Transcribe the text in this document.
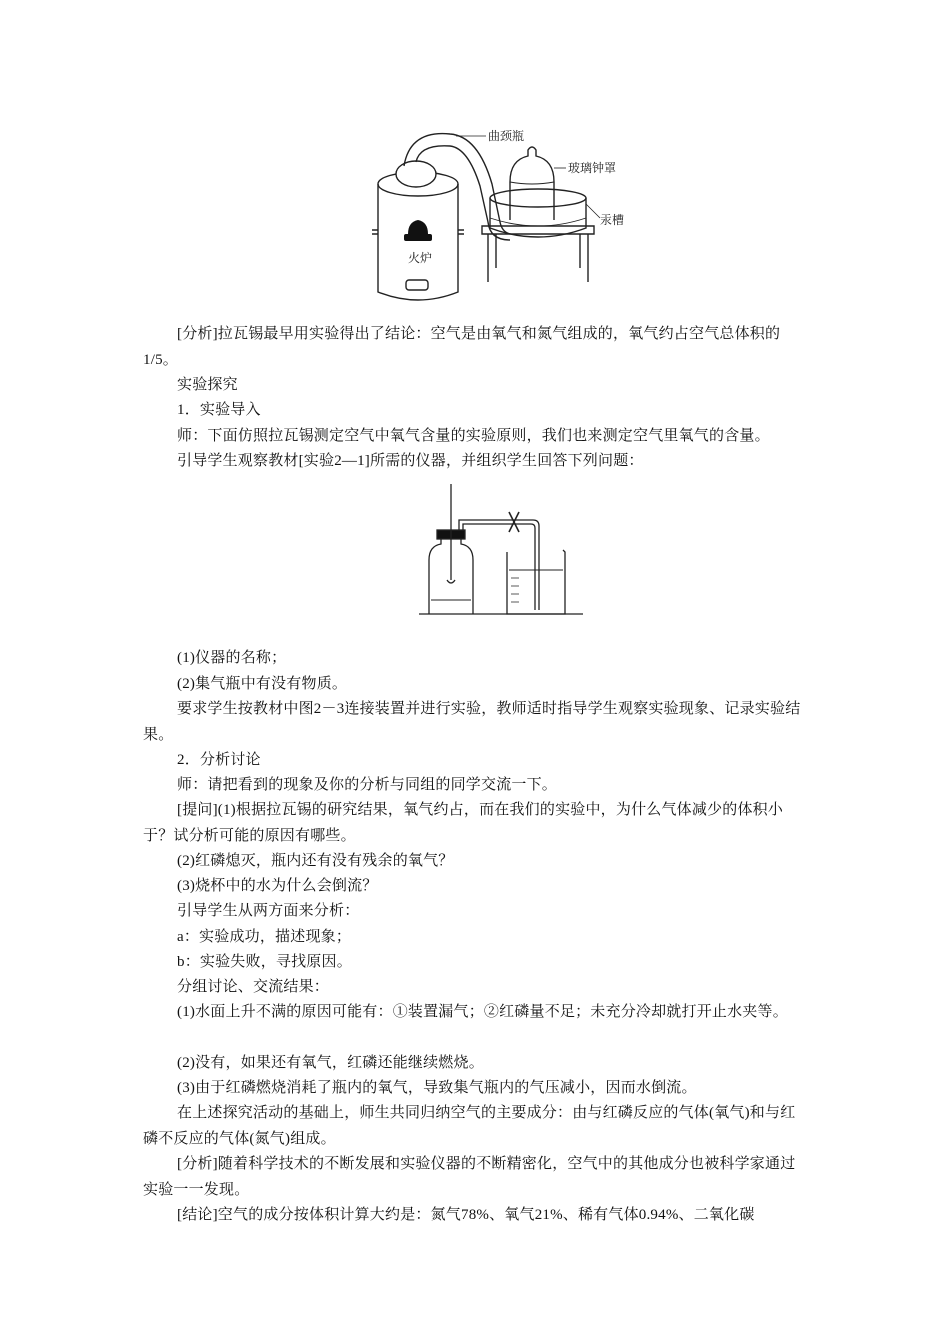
曲颈瓶
玻璃钟罩
汞槽
火炉
[分析]拉瓦锡最早用实验得出了结论：空气是由氧气和氮气组成的，氧气约占空气总体积的1/5。
实验探究
1．实验导入
师：下面仿照拉瓦锡测定空气中氧气含量的实验原则，我们也来测定空气里氧气的含量。
引导学生观察教材[实验2—1]所需的仪器，并组织学生回答下列问题：
(1)仪器的名称；
(2)集气瓶中有没有物质。
要求学生按教材中图2－3连接装置并进行实验，教师适时指导学生观察实验现象、记录实验结果。
2．分析讨论
师：请把看到的现象及你的分析与同组的同学交流一下。
[提问](1)根据拉瓦锡的研究结果，氧气约占，而在我们的实验中，为什么气体减少的体积小于？试分析可能的原因有哪些。
(2)红磷熄灭，瓶内还有没有残余的氧气？
(3)烧杯中的水为什么会倒流？
引导学生从两方面来分析：
a：实验成功，描述现象；
b：实验失败，寻找原因。
分组讨论、交流结果：
(1)水面上升不满的原因可能有：①装置漏气；②红磷量不足；未充分冷却就打开止水夹等。
(2)没有，如果还有氧气，红磷还能继续燃烧。
(3)由于红磷燃烧消耗了瓶内的氧气，导致集气瓶内的气压减小，因而水倒流。
在上述探究活动的基础上，师生共同归纳空气的主要成分：由与红磷反应的气体(氧气)和与红磷不反应的气体(氮气)组成。
[分析]随着科学技术的不断发展和实验仪器的不断精密化，空气中的其他成分也被科学家通过实验一一发现。
[结论]空气的成分按体积计算大约是：氮气78%、氧气21%、稀有气体0.94%、二氧化碳
